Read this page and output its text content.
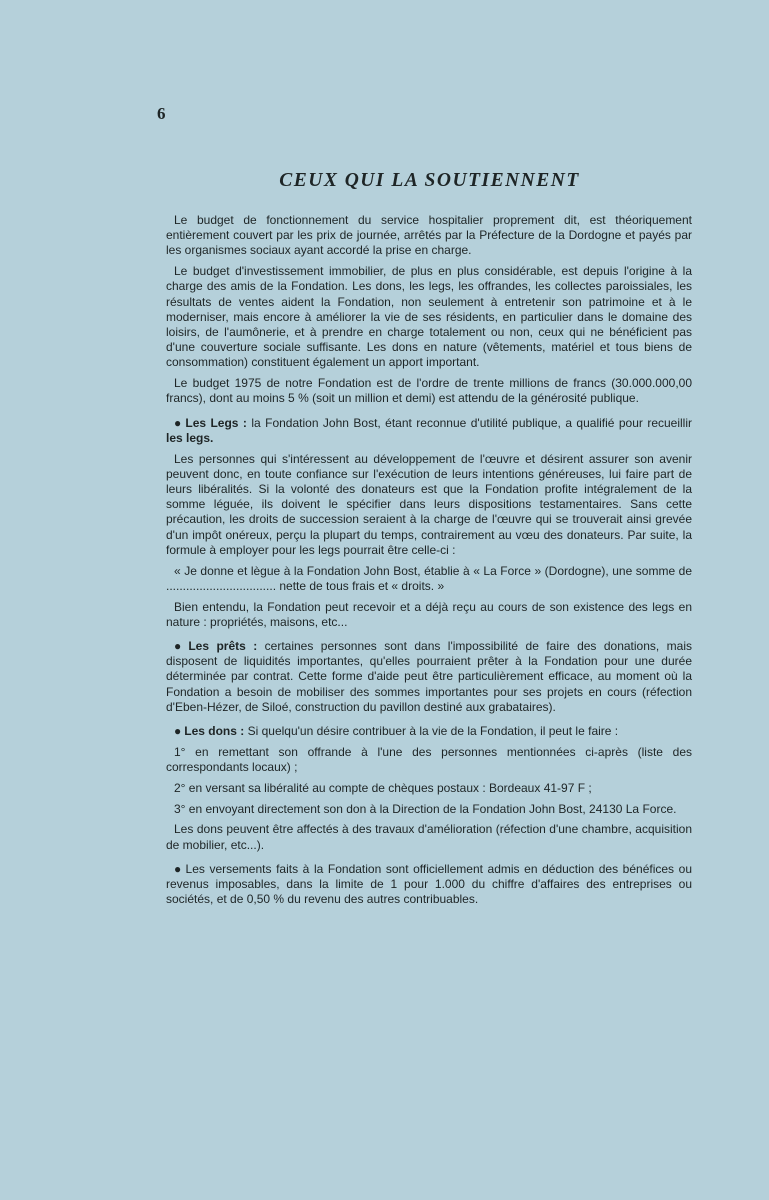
6
CEUX QUI LA SOUTIENNENT

Le budget de fonctionnement du service hospitalier proprement dit, est théoriquement entièrement couvert par les prix de journée, arrêtés par la Préfecture de la Dordogne et payés par les organismes sociaux ayant accordé la prise en charge.

Le budget d'investissement immobilier, de plus en plus considérable, est depuis l'origine à la charge des amis de la Fondation. Les dons, les legs, les offrandes, les collectes paroissiales, les résultats de ventes aident la Fondation, non seulement à entretenir son patrimoine et à le moderniser, mais encore à améliorer la vie de ses résidents, en particulier dans le domaine des loisirs, de l'aumônerie, et à prendre en charge totalement ou non, ceux qui ne bénéficient pas d'une couverture sociale suffisante. Les dons en nature (vêtements, matériel et tous biens de consommation) constituent également un apport important.

Le budget 1975 de notre Fondation est de l'ordre de trente millions de francs (30.000.000,00 francs), dont au moins 5 % (soit un million et demi) est attendu de la générosité publique.

● Les Legs : la Fondation John Bost, étant reconnue d'utilité publique, a qualifié pour recueillir les legs.

Les personnes qui s'intéressent au développement de l'œuvre et désirent assurer son avenir peuvent donc, en toute confiance sur l'exécution de leurs intentions généreuses, lui faire part de leurs libéralités. Si la volonté des donateurs est que la Fondation profite intégralement de la somme léguée, ils doivent le spécifier dans leurs dispositions testamentaires. Sans cette précaution, les droits de succession seraient à la charge de l'œuvre qui se trouverait ainsi grevée d'un impôt onéreux, perçu la plupart du temps, contrairement au vœu des donateurs. Par suite, la formule à employer pour les legs pourrait être celle-ci :

« Je donne et lègue à la Fondation John Bost, établie à « La Force » (Dordogne), une somme de ................................. nette de tous frais et « droits. »

Bien entendu, la Fondation peut recevoir et a déjà reçu au cours de son existence des legs en nature : propriétés, maisons, etc...

● Les prêts : certaines personnes sont dans l'impossibilité de faire des donations, mais disposent de liquidités importantes, qu'elles pourraient prêter à la Fondation pour une durée déterminée par contrat. Cette forme d'aide peut être particulièrement efficace, au moment où la Fondation a besoin de mobiliser des sommes importantes pour ses projets en cours (réfection d'Eben-Hézer, de Siloé, construction du pavillon destiné aux grabataires).

● Les dons : Si quelqu'un désire contribuer à la vie de la Fondation, il peut le faire :

1° en remettant son offrande à l'une des personnes mentionnées ci-après (liste des correspondants locaux) ;

2° en versant sa libéralité au compte de chèques postaux : Bordeaux 41-97 F ;

3° en envoyant directement son don à la Direction de la Fondation John Bost, 24130 La Force.

Les dons peuvent être affectés à des travaux d'amélioration (réfection d'une chambre, acquisition de mobilier, etc...).

● Les versements faits à la Fondation sont officiellement admis en déduction des bénéfices ou revenus imposables, dans la limite de 1 pour 1.000 du chiffre d'affaires des entreprises ou sociétés, et de 0,50 % du revenu des autres contribuables.
